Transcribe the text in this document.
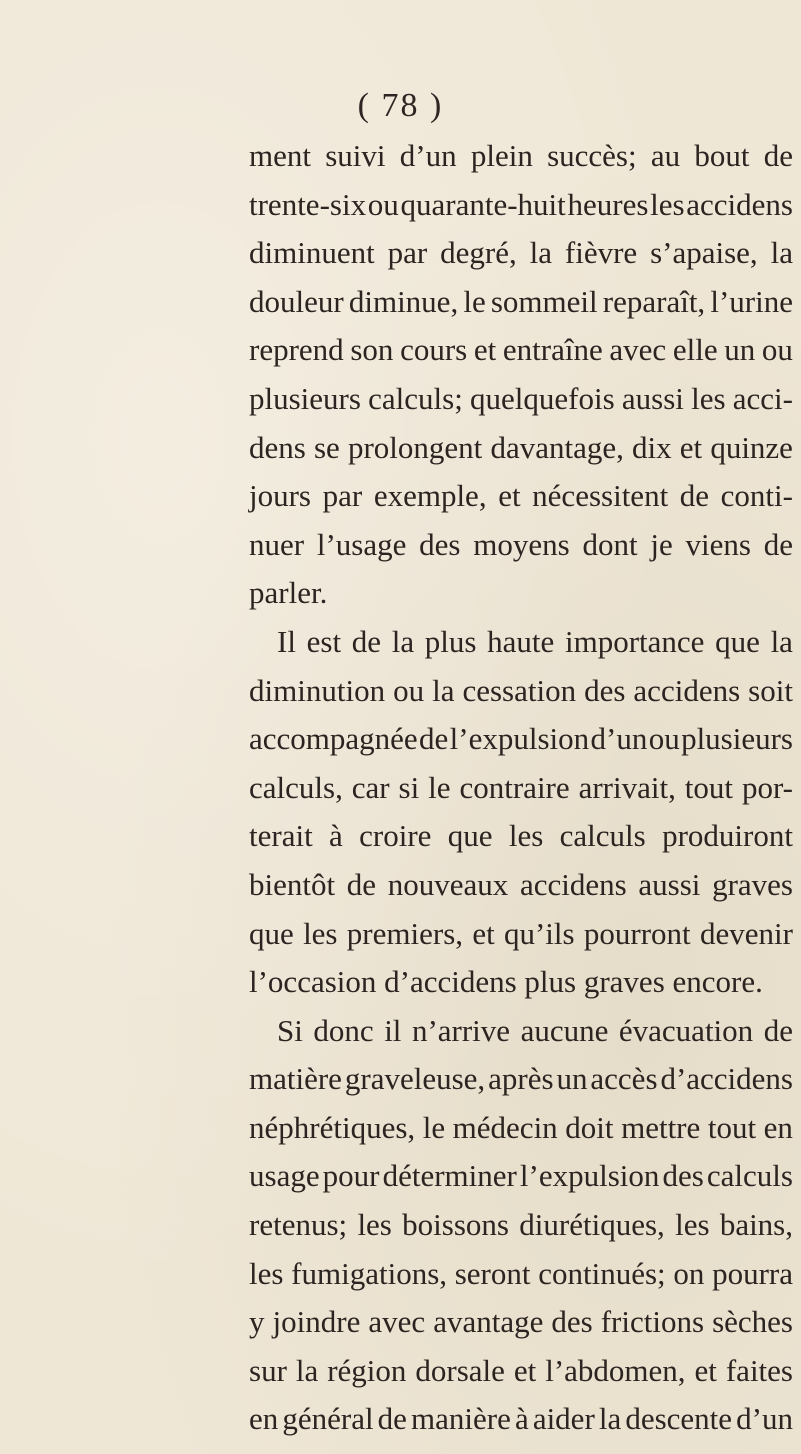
( 78 )
ment suivi d’un plein succès; au bout de
trente-six ou quarante-huit heures les accidens
diminuent par degré, la fièvre s’apaise, la
douleur diminue, le sommeil reparaît, l’urine
reprend son cours et entraîne avec elle un ou
plusieurs calculs; quelquefois aussi les acci-
dens se prolongent davantage, dix et quinze
jours par exemple, et nécessitent de conti-
nuer l’usage des moyens dont je viens de
parler.
Il est de la plus haute importance que la
diminution ou la cessation des accidens soit
accompagnée de l’expulsion d’un ou plusieurs
calculs, car si le contraire arrivait, tout por-
terait à croire que les calculs produiront
bientôt de nouveaux accidens aussi graves
que les premiers, et qu’ils pourront devenir
l’occasion d’accidens plus graves encore.
Si donc il n’arrive aucune évacuation de
matière graveleuse, après un accès d’accidens
néphrétiques, le médecin doit mettre tout en
usage pour déterminer l’expulsion des calculs
retenus; les boissons diurétiques, les bains,
les fumigations, seront continués; on pourra
y joindre avec avantage des frictions sèches
sur la région dorsale et l’abdomen, et faites
en général de manière à aider la descente d’un
